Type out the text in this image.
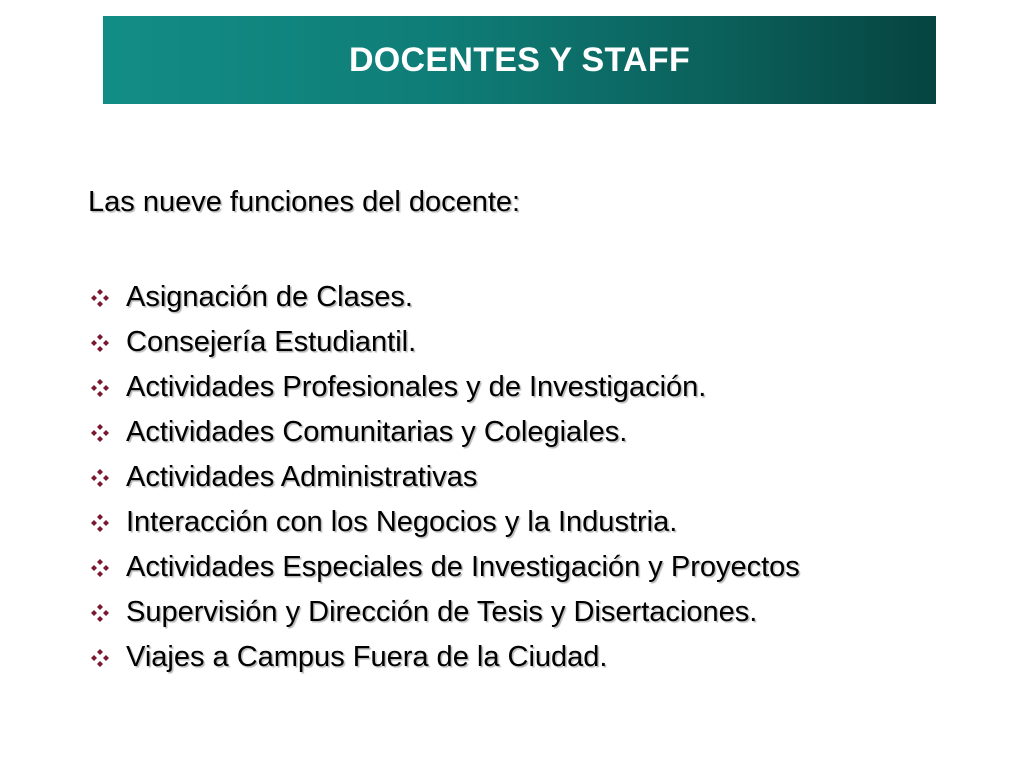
DOCENTES Y STAFF
Las nueve funciones del docente:
Asignación de Clases.
Consejería Estudiantil.
Actividades Profesionales y de Investigación.
Actividades Comunitarias y Colegiales.
Actividades Administrativas
Interacción con los Negocios y la Industria.
Actividades Especiales de Investigación y Proyectos
Supervisión y Dirección de Tesis y Disertaciones.
Viajes a Campus Fuera de la Ciudad.
